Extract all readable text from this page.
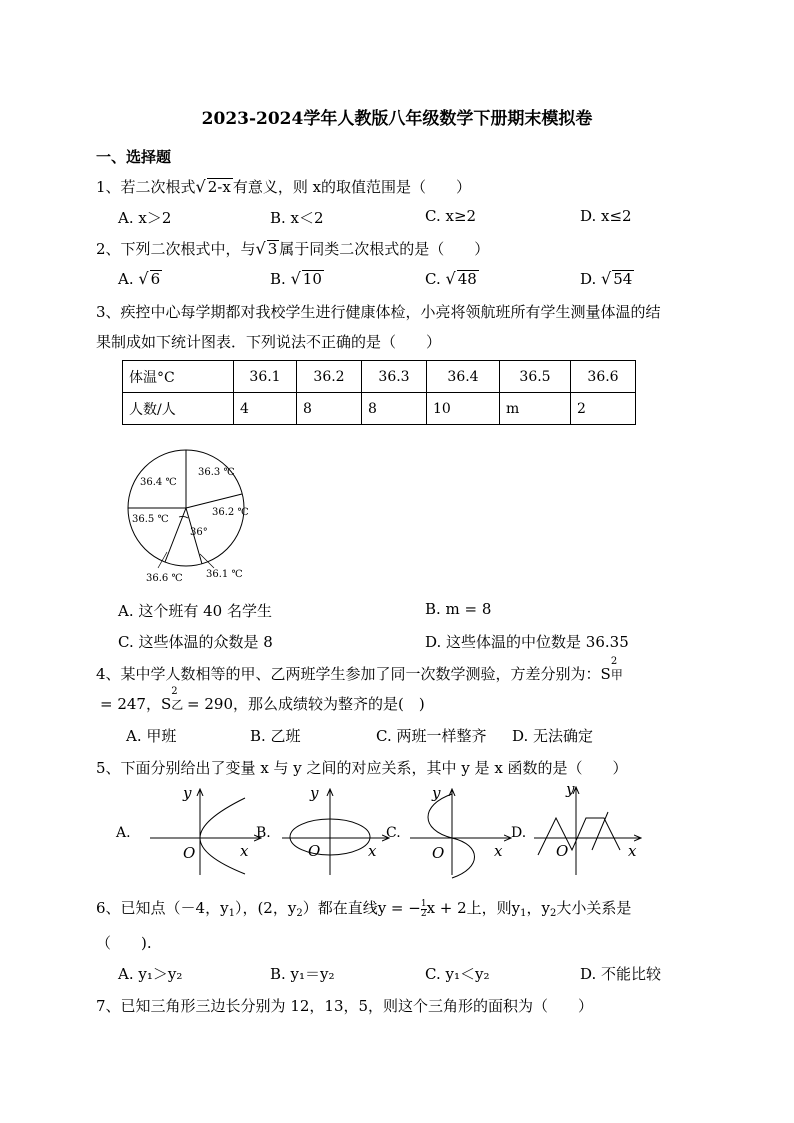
2023-2024学年人教版八年级数学下册期末模拟卷
一、选择题
1、若二次根式√ 2-x 有意义，则 x的取值范围是（　　）
A. x＞2	B. x＜2	C. x≥2	D. x≤2
2、下列二次根式中，与√ 3 属于同类二次根式的是（　　）
A. √ 6	B. √ 10	C. √ 48	D. √ 54
3、疾控中心每学期都对我校学生进行健康体检，小亮将领航班所有学生测量体温的结
果制成如下统计图表．下列说法不正确的是（　　）
体温°C	36.1	36.2	36.3	36.4	36.5	36.6
人数/人	4	8	8	10	m	2
36.3 ℃
36.4 ℃
36.5 ℃
36.2 ℃
36°
36.6 ℃ 36.1 ℃
A. 这个班有 40 名学生	B. m = 8
C. 这些体温的众数是 8	D. 这些体温的中位数是 36.35
4、某中学人数相等的甲、乙两班学生参加了同一次数学测验，方差分别为：S
2
甲
= 247，S
2
乙 = 290，那么成绩较为整齐的是(　)
A. 甲班	B. 乙班	C. 两班一样整齐 D. 无法确定
5、下面分别给出了变量 x 与 y 之间的对应关系，其中 y 是 x 函数的是（　　）
A.
y
x
O
B.
y
x
O
C.
y
x
O
D.
y
x
O
6、已知点（－4，$y_1$），(2，$y_2$）都在直线y = − $\frac{1}{2}$ x + 2上，则$y_1$，$y_2$大小关系是
（　　).
A. y₁＞y₂	B. y₁＝y₂	C. y₁＜y₂	D. 不能比较
7、已知三角形三边长分别为 12，13，5，则这个三角形的面积为（　　）
